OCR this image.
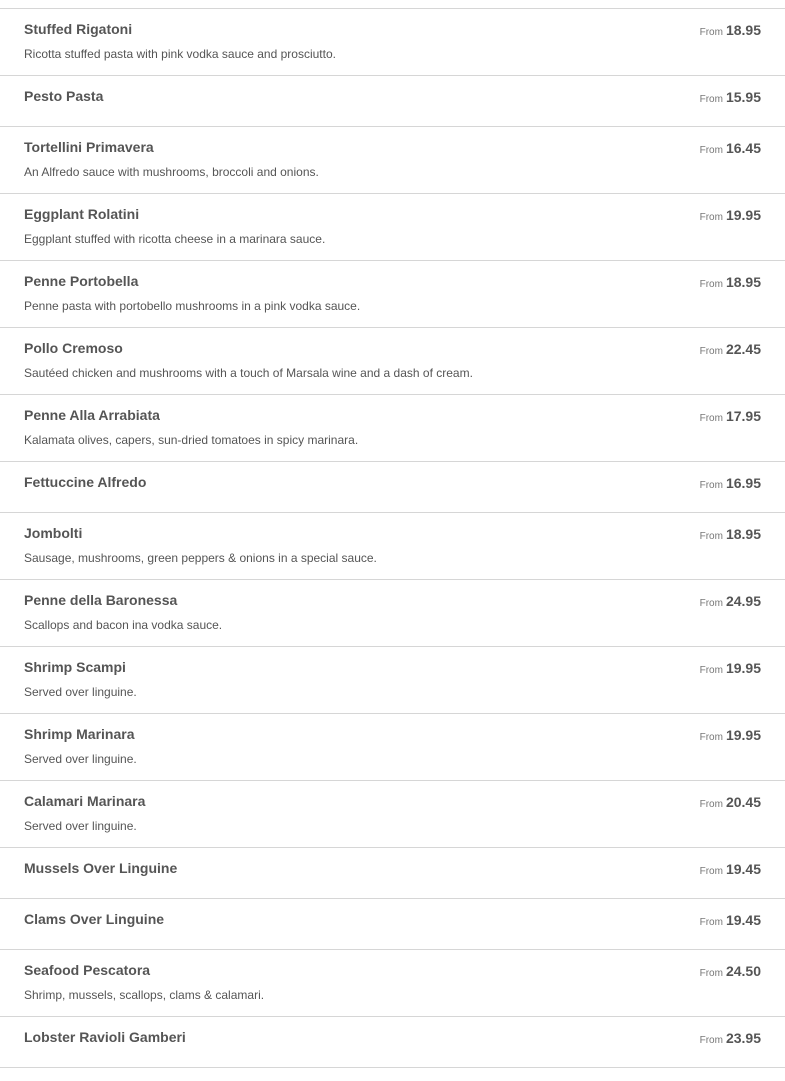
Stuffed Rigatoni
Ricotta stuffed pasta with pink vodka sauce and prosciutto.
From 18.95
Pesto Pasta	From 15.95
Tortellini Primavera
An Alfredo sauce with mushrooms, broccoli and onions.
From 16.45
Eggplant Rolatini
Eggplant stuffed with ricotta cheese in a marinara sauce.
From 19.95
Penne Portobella
Penne pasta with portobello mushrooms in a pink vodka sauce.
From 18.95
Pollo Cremoso
Sautéed chicken and mushrooms with a touch of Marsala wine and a dash of cream.
From 22.45
Penne Alla Arrabiata
Kalamata olives, capers, sun-dried tomatoes in spicy marinara.
From 17.95
Fettuccine Alfredo	From 16.95
Jombolti
Sausage, mushrooms, green peppers & onions in a special sauce.
From 18.95
Penne della Baronessa
Scallops and bacon ina vodka sauce.
From 24.95
Shrimp Scampi
Served over linguine.
From 19.95
Shrimp Marinara
Served over linguine.
From 19.95
Calamari Marinara
Served over linguine.
From 20.45
Mussels Over Linguine	From 19.45
Clams Over Linguine	From 19.45
Seafood Pescatora
Shrimp, mussels, scallops, clams & calamari.
From 24.50
Lobster Ravioli Gamberi	From 23.95
